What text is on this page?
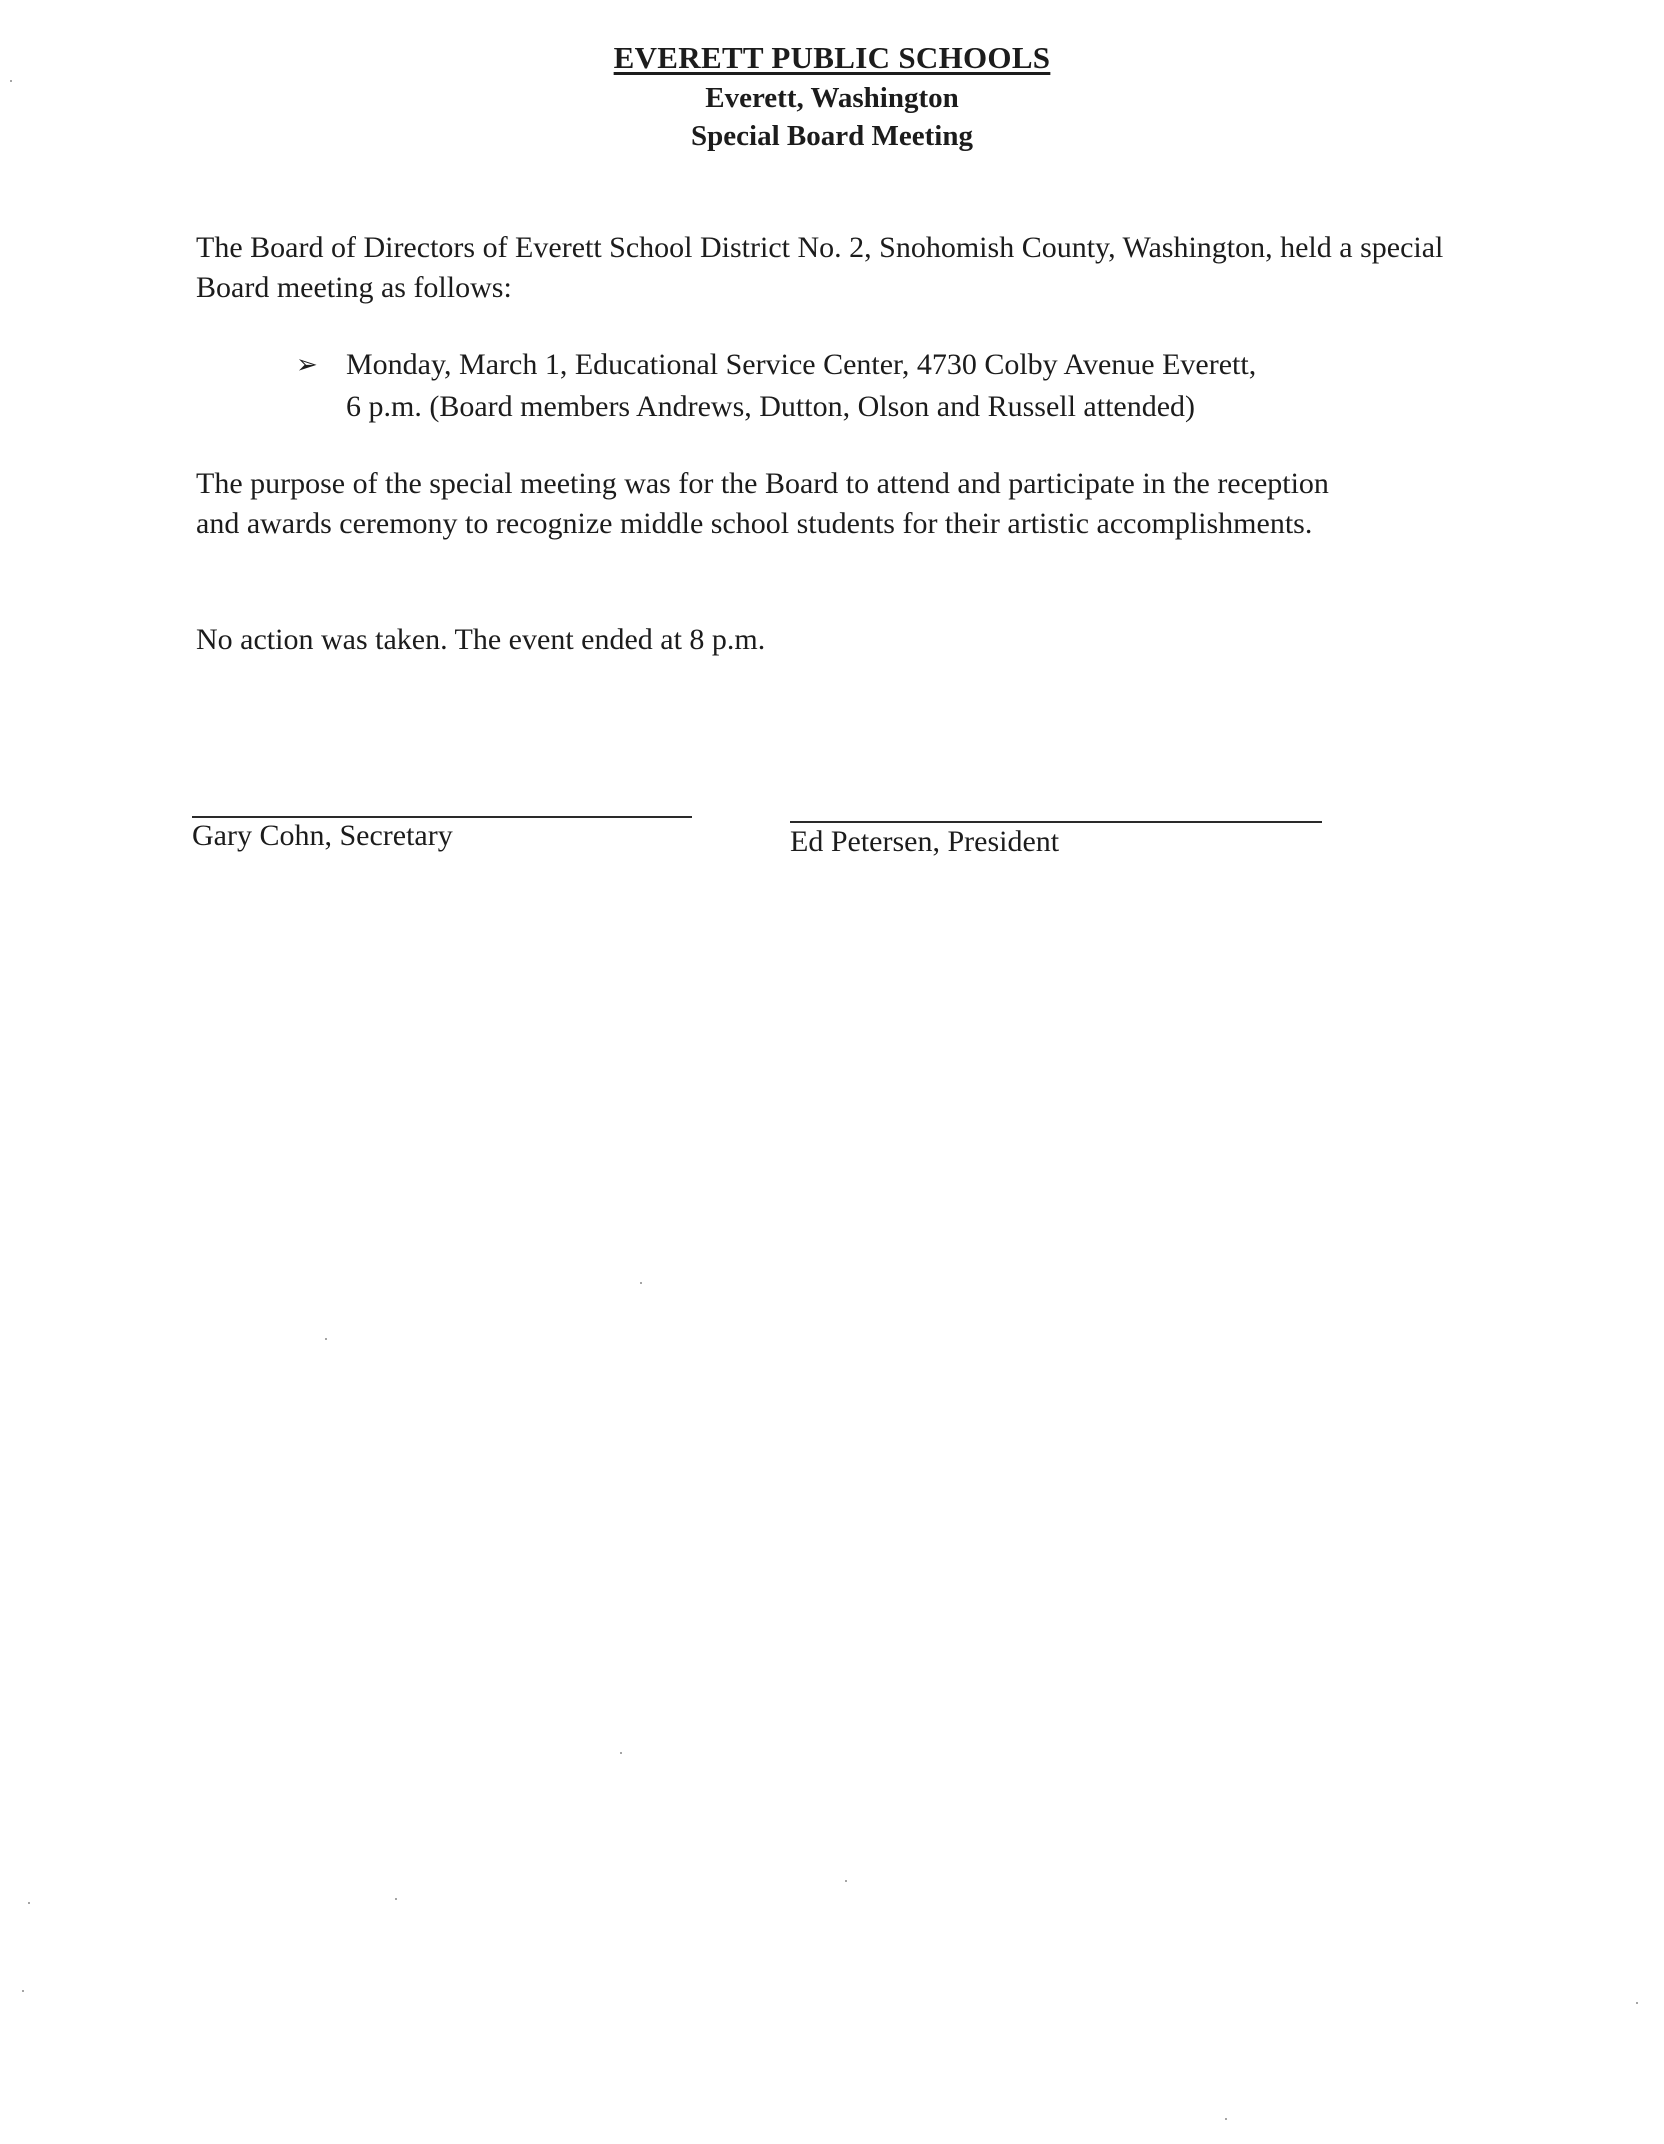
EVERETT PUBLIC SCHOOLS
Everett, Washington
Special Board Meeting
The Board of Directors of Everett School District No. 2, Snohomish County, Washington, held a special Board meeting as follows:
➢ Monday, March 1, Educational Service Center, 4730 Colby Avenue Everett,
6 p.m. (Board members Andrews, Dutton, Olson and Russell attended)
The purpose of the special meeting was for the Board to attend and participate in the reception and awards ceremony to recognize middle school students for their artistic accomplishments.
No action was taken. The event ended at 8 p.m.
Gary Cohn, Secretary	Ed Petersen, President
